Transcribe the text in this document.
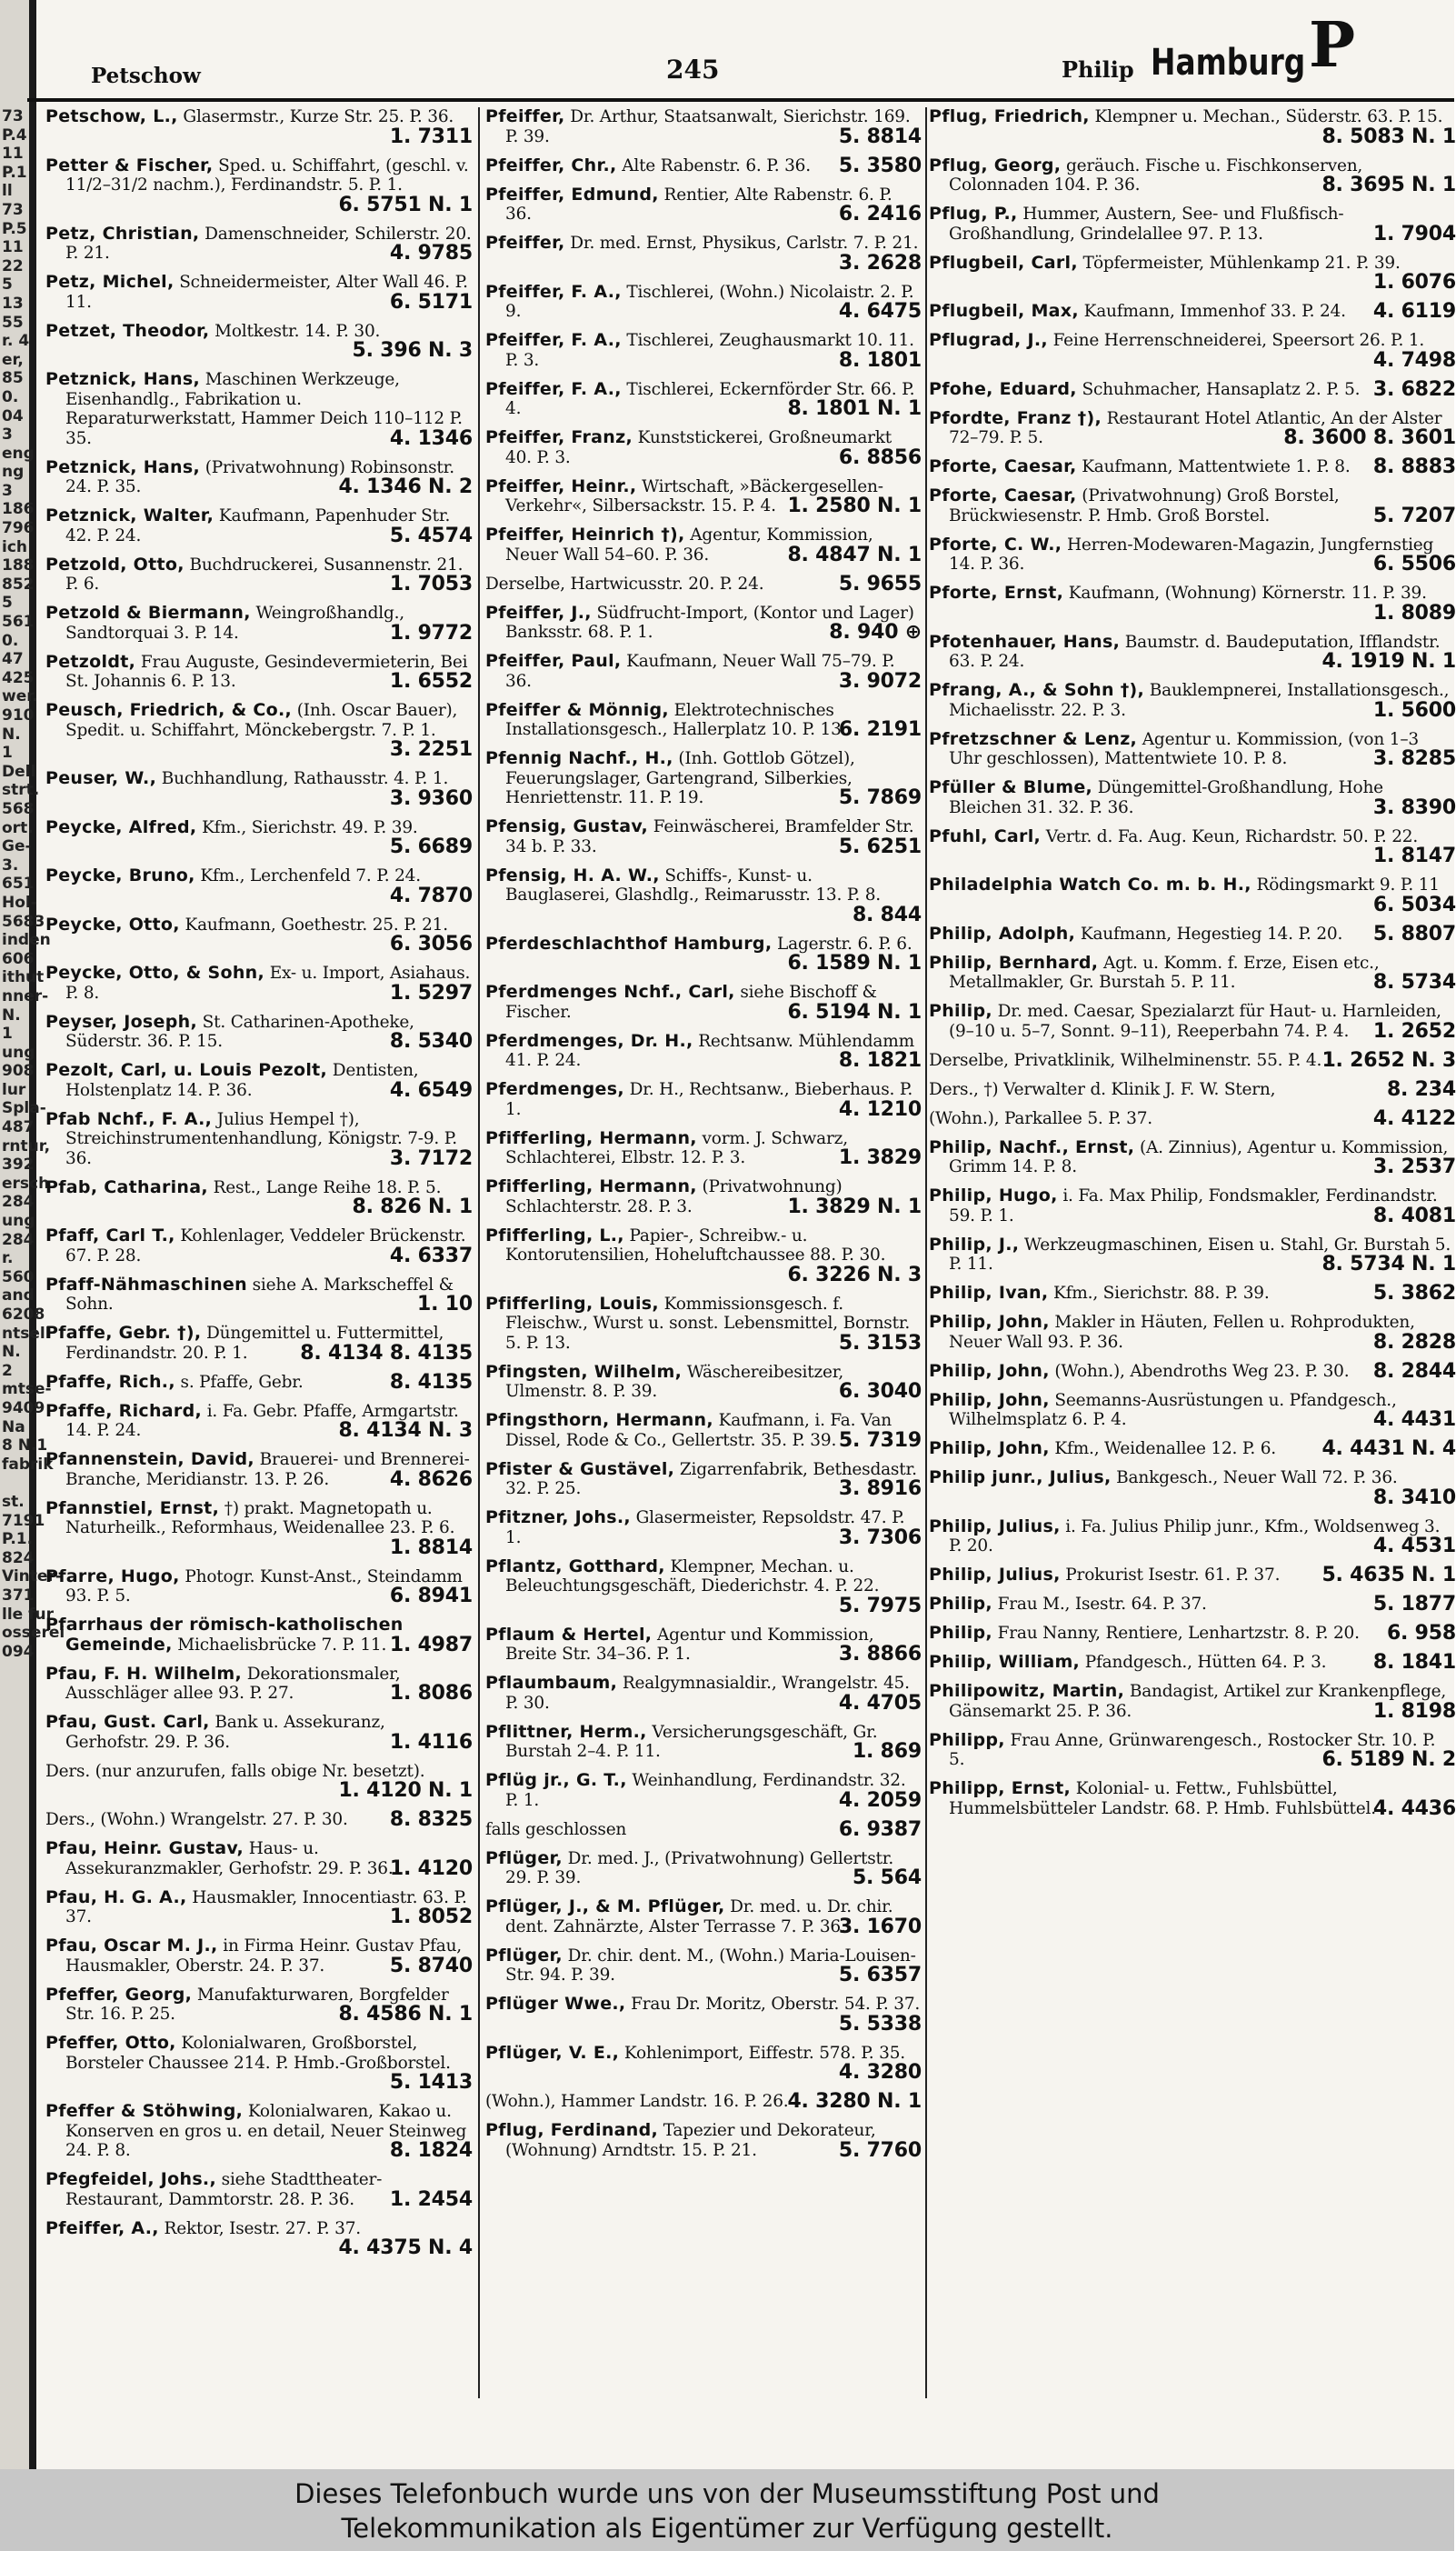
73
P.4
11
P.1
ll
73
P.5
11
22
5
13
55
r. 4
er,
85
0.
04
3
eng
ng
3
186
796
ich
188
852
5
561
0.
47
425
wer.
910
N.
1
Dell
strt.
568
ort.
Ge-
3.
651
Hol-
5683
inden
606
ithut
nner-
N.
1
ung
908
lur
Spla-
487
rntur,
392
ersch
284
ung
284
r.
560
and
6208
ntsell
N.
2
mtse-
9409
Na
8 N.1
fabrik

st.
7191
P.1.
824
Vinter-
371
lle fur
osserei
094
Petschow	245	Philip Hamburg P
Petschow, L., Glasermstr., Kurze Str. 25. P. 36.
1. 7311
Petter & Fischer, Sped. u. Schiffahrt, (geschl. v. 11/2–31/2 nachm.), Ferdinandstr. 5. P. 1.
6. 5751 N. 1
Petz, Christian, Damenschneider, Schilerstr. 20. P. 21.	4. 9785
Petz, Michel, Schneidermeister, Alter Wall 46. P. 11.	6. 5171
Petzet, Theodor, Moltkestr. 14. P. 30.
5. 396 N. 3
Petznick, Hans, Maschinen Werkzeuge, Eisenhandlg., Fabrikation u. Reparaturwerkstatt, Hammer Deich 110–112 P. 35.	4. 1346
Petznick, Hans, (Privatwohnung) Robinsonstr. 24. P. 35.	4. 1346 N. 2
Petznick, Walter, Kaufmann, Papenhuder Str. 42. P. 24.	5. 4574
Petzold, Otto, Buchdruckerei, Susannenstr. 21. P. 6.	1. 7053
Petzold & Biermann, Weingroßhandlg., Sandtorquai 3. P. 14.	1. 9772
Petzoldt, Frau Auguste, Gesindevermieterin, Bei St. Johannis 6. P. 13.	1. 6552
Peusch, Friedrich, & Co., (Inh. Oscar Bauer), Spedit. u. Schiffahrt, Mönckebergstr. 7. P. 1.
3. 2251
Peuser, W., Buchhandlung, Rathausstr. 4. P. 1.
3. 9360
Peycke, Alfred, Kfm., Sierichstr. 49. P. 39.
5. 6689
Peycke, Bruno, Kfm., Lerchenfeld 7. P. 24.
4. 7870
Peycke, Otto, Kaufmann, Goethestr. 25. P. 21.
6. 3056
Peycke, Otto, & Sohn, Ex- u. Import, Asiahaus. P. 8.	1. 5297
Peyser, Joseph, St. Catharinen-Apotheke, Süderstr. 36. P. 15.	8. 5340
Pezolt, Carl, u. Louis Pezolt, Dentisten, Holstenplatz 14. P. 36.	4. 6549
Pfab Nchf., F. A., Julius Hempel †), Streichinstrumentenhandlung, Königstr. 7-9. P. 36.	3. 7172
Pfab, Catharina, Rest., Lange Reihe 18. P. 5.
8. 826 N. 1
Pfaff, Carl T., Kohlenlager, Veddeler Brückenstr. 67. P. 28.	4. 6337
Pfaff-Nähmaschinen siehe A. Markscheffel & Sohn.	1. 10
Pfaffe, Gebr. †), Düngemittel u. Futtermittel, Ferdinandstr. 20. P. 1.	8. 4134 8. 4135
Pfaffe, Rich., s. Pfaffe, Gebr.	8. 4135
Pfaffe, Richard, i. Fa. Gebr. Pfaffe, Armgartstr. 14. P. 24.	8. 4134 N. 3
Pfannenstein, David, Brauerei- und Brennerei-Branche, Meridianstr. 13. P. 26.	4. 8626
Pfannstiel, Ernst, †) prakt. Magnetopath u. Naturheilk., Reformhaus, Weidenallee 23. P. 6.
1. 8814
Pfarre, Hugo, Photogr. Kunst-Anst., Steindamm 93. P. 5.	6. 8941
Pfarrhaus der römisch-katholischen Gemeinde, Michaelisbrücke 7. P. 11. 1. 4987
Pfau, F. H. Wilhelm, Dekorationsmaler, Ausschläger allee 93. P. 27.	1. 8086
Pfau, Gust. Carl, Bank u. Assekuranz, Gerhofstr. 29. P. 36.	1. 4116
Ders. (nur anzurufen, falls obige Nr. besetzt).
1. 4120 N. 1
Ders., (Wohn.) Wrangelstr. 27. P. 30. 8. 8325
Pfau, Heinr. Gustav, Haus- u. Assekuranzmakler, Gerhofstr. 29. P. 36.
1. 4120
Pfau, H. G. A., Hausmakler, Innocentiastr. 63. P. 37.	1. 8052
Pfau, Oscar M. J., in Firma Heinr. Gustav Pfau, Hausmakler, Oberstr. 24. P. 37.	5. 8740
Pfeffer, Georg, Manufakturwaren, Borgfelder Str. 16. P. 25.	8. 4586 N. 1
Pfeffer, Otto, Kolonialwaren, Großborstel, Borsteler Chaussee 214. P. Hmb.-Großborstel.
5. 1413
Pfeffer & Stöhwing, Kolonialwaren, Kakao u. Konserven en gros u. en detail, Neuer Steinweg 24. P. 8.	8. 1824
Pfegfeidel, Johs., siehe Stadttheater-Restaurant, Dammtorstr. 28. P. 36. 1. 2454
Pfeiffer, A., Rektor, Isestr. 27. P. 37.
4. 4375 N. 4
Pfeiffer, Dr. Arthur, Staatsanwalt, Sierichstr. 169. P. 39.	5. 8814
Pfeiffer, Chr., Alte Rabenstr. 6. P. 36. 5. 3580
Pfeiffer, Edmund, Rentier, Alte Rabenstr. 6. P. 36.	6. 2416
Pfeiffer, Dr. med. Ernst, Physikus, Carlstr. 7. P. 21.
3. 2628
Pfeiffer, F. A., Tischlerei, (Wohn.) Nicolaistr. 2. P. 9.	4. 6475
Pfeiffer, F. A., Tischlerei, Zeughausmarkt 10. 11. P. 3.	8. 1801
Pfeiffer, F. A., Tischlerei, Eckernförder Str. 66. P. 4.	8. 1801 N. 1
Pfeiffer, Franz, Kunststickerei, Großneumarkt 40. P. 3.	6. 8856
Pfeiffer, Heinr., Wirtschaft, »Bäckergesellen-Verkehr«, Silbersackstr. 15. P. 4. 1. 2580 N. 1
Pfeiffer, Heinrich †), Agentur, Kommission, Neuer Wall 54–60. P. 36.	8. 4847 N. 1
Derselbe, Hartwicusstr. 20. P. 24.	5. 9655
Pfeiffer, J., Südfrucht-Import, (Kontor und Lager) Banksstr. 68. P. 1.	8. 940 ⊕
Pfeiffer, Paul, Kaufmann, Neuer Wall 75–79. P. 36.	3. 9072
Pfeiffer & Mönnig, Elektrotechnisches Installationsgesch., Hallerplatz 10. P. 13.
6. 2191
Pfennig Nachf., H., (Inh. Gottlob Götzel), Feuerungslager, Gartengrand, Silberkies, Henriettenstr. 11. P. 19.	5. 7869
Pfensig, Gustav, Feinwäscherei, Bramfelder Str. 34 b. P. 33.	5. 6251
Pfensig, H. A. W., Schiffs-, Kunst- u. Bauglaserei, Glashdlg., Reimarusstr. 13. P. 8.
8. 844
Pferdeschlachthof Hamburg, Lagerstr. 6. P. 6.
6. 1589 N. 1
Pferdmenges Nchf., Carl, siehe Bischoff & Fischer.	6. 5194 N. 1
Pferdmenges, Dr. H., Rechtsanw. Mühlendamm 41. P. 24.	8. 1821
Pferdmenges, Dr. H., Rechtsanw., Bieberhaus. P. 1.	4. 1210
Pfifferling, Hermann, vorm. J. Schwarz, Schlachterei, Elbstr. 12. P. 3.	1. 3829
Pfifferling, Hermann, (Privatwohnung) Schlachterstr. 28. P. 3.	1. 3829 N. 1
Pfifferling, L., Papier-, Schreibw.- u. Kontorutensilien, Hoheluftchaussee 88. P. 30.
6. 3226 N. 3
Pfifferling, Louis, Kommissionsgesch. f. Fleischw., Wurst u. sonst. Lebensmittel, Bornstr. 5. P. 13.	5. 3153
Pfingsten, Wilhelm, Wäschereibesitzer, Ulmenstr. 8. P. 39.	6. 3040
Pfingsthorn, Hermann, Kaufmann, i. Fa. Van Dissel, Rode & Co., Gellertstr. 35. P. 39. 5. 7319
Pfister & Gustävel, Zigarrenfabrik, Bethesdastr. 32. P. 25.	3. 8916
Pfitzner, Johs., Glasermeister, Repsoldstr. 47. P. 1.	3. 7306
Pflantz, Gotthard, Klempner, Mechan. u. Beleuchtungsgeschäft, Diederichstr. 4. P. 22.
5. 7975
Pflaum & Hertel, Agentur und Kommission, Breite Str. 34–36. P. 1.	3. 8866
Pflaumbaum, Realgymnasialdir., Wrangelstr. 45. P. 30.	4. 4705
Pflittner, Herm., Versicherungsgeschäft, Gr. Burstah 2–4. P. 11.	1. 869
Pflüg jr., G. T., Weinhandlung, Ferdinandstr. 32. P. 1.	4. 2059
falls geschlossen	6. 9387
Pflüger, Dr. med. J., (Privatwohnung) Gellertstr. 29. P. 39.	5. 564
Pflüger, J., & M. Pflüger, Dr. med. u. Dr. chir. dent. Zahnärzte, Alster Terrasse 7. P. 36.
3. 1670
Pflüger, Dr. chir. dent. M., (Wohn.) Maria-Louisen-Str. 94. P. 39.	5. 6357
Pflüger Wwe., Frau Dr. Moritz, Oberstr. 54. P. 37.
5. 5338
Pflüger, V. E., Kohlenimport, Eiffestr. 578. P. 35.
4. 3280
(Wohn.), Hammer Landstr. 16. P. 26.
4. 3280 N. 1
Pflug, Ferdinand, Tapezier und Dekorateur, (Wohnung) Arndtstr. 15. P. 21.	5. 7760
Pflug, Friedrich, Klempner u. Mechan., Süderstr. 63. P. 15.
8. 5083 N. 1
Pflug, Georg, geräuch. Fische u. Fischkonserven, Colonnaden 104. P. 36.	8. 3695 N. 1
Pflug, P., Hummer, Austern, See- und Flußfisch-Großhandlung, Grindelallee 97. P. 13.	1. 7904
Pflugbeil, Carl, Töpfermeister, Mühlenkamp 21. P. 39.
1. 6076
Pflugbeil, Max, Kaufmann, Immenhof 33. P. 24. 4. 6119
Pflugrad, J., Feine Herrenschneiderei, Speersort 26. P. 1.
4. 7498
Pfohe, Eduard, Schuhmacher, Hansaplatz 2. P. 5. 3. 6822
Pfordte, Franz †), Restaurant Hotel Atlantic, An der Alster 72–79. P. 5.	8. 3600 8. 3601
Pforte, Caesar, Kaufmann, Mattentwiete 1. P. 8. 8. 8883
Pforte, Caesar, (Privatwohnung) Groß Borstel, Brückwiesenstr. P. Hmb. Groß Borstel.	5. 7207
Pforte, C. W., Herren-Modewaren-Magazin, Jungfernstieg 14. P. 36.	6. 5506
Pforte, Ernst, Kaufmann, (Wohnung) Körnerstr. 11. P. 39.
1. 8089
Pfotenhauer, Hans, Baumstr. d. Baudeputation, Ifflandstr. 63. P. 24.	4. 1919 N. 1
Pfrang, A., & Sohn †), Bauklempnerei, Installationsgesch., Michaelisstr. 22. P. 3.	1. 5600
Pfretzschner & Lenz, Agentur u. Kommission, (von 1–3 Uhr geschlossen), Mattentwiete 10. P. 8.	3. 8285
Pfüller & Blume, Düngemittel-Großhandlung, Hohe Bleichen 31. 32. P. 36.	3. 8390
Pfuhl, Carl, Vertr. d. Fa. Aug. Keun, Richardstr. 50. P. 22.
1. 8147
Philadelphia Watch Co. m. b. H., Rödingsmarkt 9. P. 11
6. 5034
Philip, Adolph, Kaufmann, Hegestieg 14. P. 20. 5. 8807
Philip, Bernhard, Agt. u. Komm. f. Erze, Eisen etc., Metallmakler, Gr. Burstah 5. P. 11.	8. 5734
Philip, Dr. med. Caesar, Spezialarzt für Haut- u. Harnleiden, (9–10 u. 5–7, Sonnt. 9–11), Reeperbahn 74. P. 4. 1. 2652
Derselbe, Privatklinik, Wilhelminenstr. 55. P. 4. 1. 2652 N. 3
Ders., †) Verwalter d. Klinik J. F. W. Stern,	8. 234
(Wohn.), Parkallee 5. P. 37.	4. 4122
Philip, Nachf., Ernst, (A. Zinnius), Agentur u. Kommission, Grimm 14. P. 8.	3. 2537
Philip, Hugo, i. Fa. Max Philip, Fondsmakler, Ferdinandstr. 59. P. 1.	8. 4081
Philip, J., Werkzeugmaschinen, Eisen u. Stahl, Gr. Burstah 5. P. 11.	8. 5734 N. 1
Philip, Ivan, Kfm., Sierichstr. 88. P. 39.	5. 3862
Philip, John, Makler in Häuten, Fellen u. Rohprodukten, Neuer Wall 93. P. 36.	8. 2828
Philip, John, (Wohn.), Abendroths Weg 23. P. 30. 8. 2844
Philip, John, Seemanns-Ausrüstungen u. Pfandgesch., Wilhelmsplatz 6. P. 4.	4. 4431
Philip, John, Kfm., Weidenallee 12. P. 6. 4. 4431 N. 4
Philip junr., Julius, Bankgesch., Neuer Wall 72. P. 36.
8. 3410
Philip, Julius, i. Fa. Julius Philip junr., Kfm., Woldsenweg 3. P. 20.	4. 4531
Philip, Julius, Prokurist Isestr. 61. P. 37. 5. 4635 N. 1
Philip, Frau M., Isestr. 64. P. 37.	5. 1877
Philip, Frau Nanny, Rentiere, Lenhartzstr. 8. P. 20. 6. 958
Philip, William, Pfandgesch., Hütten 64. P. 3. 8. 1841
Philipowitz, Martin, Bandagist, Artikel zur Krankenpflege, Gänsemarkt 25. P. 36.	1. 8198
Philipp, Frau Anne, Grünwarengesch., Rostocker Str. 10. P. 5.	6. 5189 N. 2
Philipp, Ernst, Kolonial- u. Fettw., Fuhlsbüttel, Hummelsbütteler Landstr. 68. P. Hmb. Fuhlsbüttel.
4. 4436
Dieses Telefonbuch wurde uns von der Museumsstiftung Post und
Telekommunikation als Eigentümer zur Verfügung gestellt.
